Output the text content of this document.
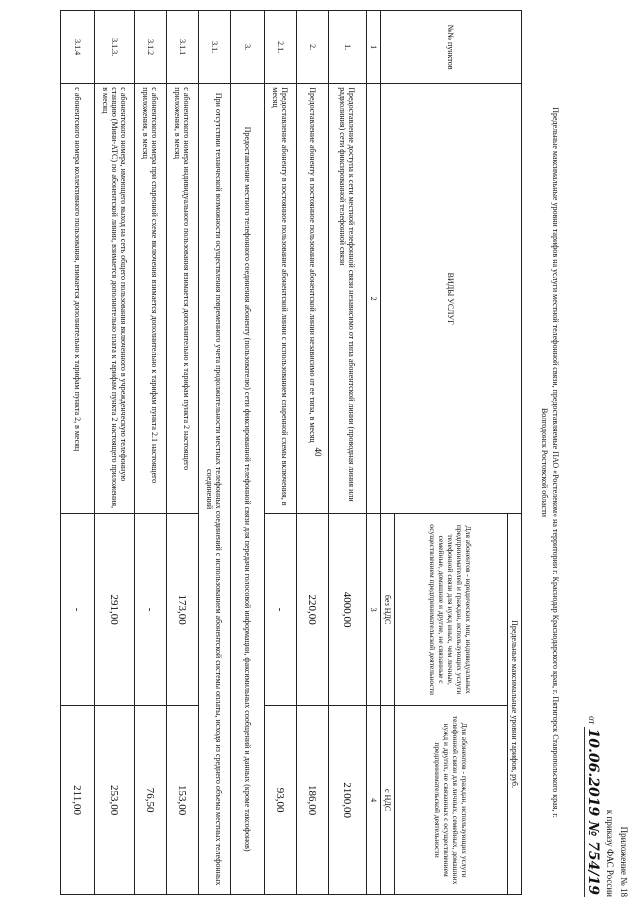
40
Приложение № 18
к приказу ФАС России
от 10.06.2019 № 754/19
Предельные максимальные уровни тарифов на услуги местной телефонной связи, предоставляемые ПАО «Ростелеком» на территории г. Краснодар Краснодарского края, г. Пятигорск Ставропольского края, г.
Волгодонск Ростовской области
№№ пунктов	ВИДЫ УСЛУГ	Предельные максимальные уровни тарифов, руб.	
		Для абонентов - юридических лиц, индивидуальных предпринимателей и граждан, использующих услуги телефонной связи для нужд иных, чем личные, семейные, домашние и другие, не связанные с осуществлением предпринимательской деятельности	Для абонентов - граждан, использующих услуги телефонной связи для личных, семейных, домашних нужд и других, не связанных с осуществлением предпринимательской деятельности
		без НДС	с НДС

1	2	3	4
1.	Предоставление доступа к сети местной телефонной связи независимо от типа абонентской линии (проводная линия или радиолиния) сети фиксированной телефонной связи	4000,00	2100,00
2.	Предоставление абоненту в постоянное пользование абонентской линии независимо от ее типа, в месяц	220,00	186,00
2.1.	Предоставление абоненту в постоянное пользование абонентской линии с использованием спаренной схемы включения, в месяц	-	93,00
3.	Предоставление местного телефонного соединения абоненту (пользователю) сети фиксированной телефонной связи для передачи голосовой информации, факсимильных сообщений и данных (кроме таксофонов)		
3.1.	При отсутствии технической возможности осуществления повременного учета продолжительности местных телефонных соединений с использованием абонентской системы оплаты, исходя из среднего объема местных телефонных соединений		
3.1.1	с абонентского номера индивидуального пользования взимается дополнительно к тарифам пункта 2 настоящего приложения, в месяц	173,00	153,00
3.1.2	с абонентского номера при спаренной схеме включения взимается дополнительно к тарифам пункта 2.1 настоящего приложения, в месяц	-	76,50
3.1.3.	с абонентского номера, имеющего выход на сеть общего пользования включенного в учрежденческую телефонную станцию (Мини-АТС) по абонентской линии, взимается дополнительно плата к тарифам пункта 2 настоящего приложения, в месяц	291,00	253,00
3.1.4	с абонентского номера коллективного пользования, взимается дополнительно к тарифам пункта 2, в месяц	-	211,00
